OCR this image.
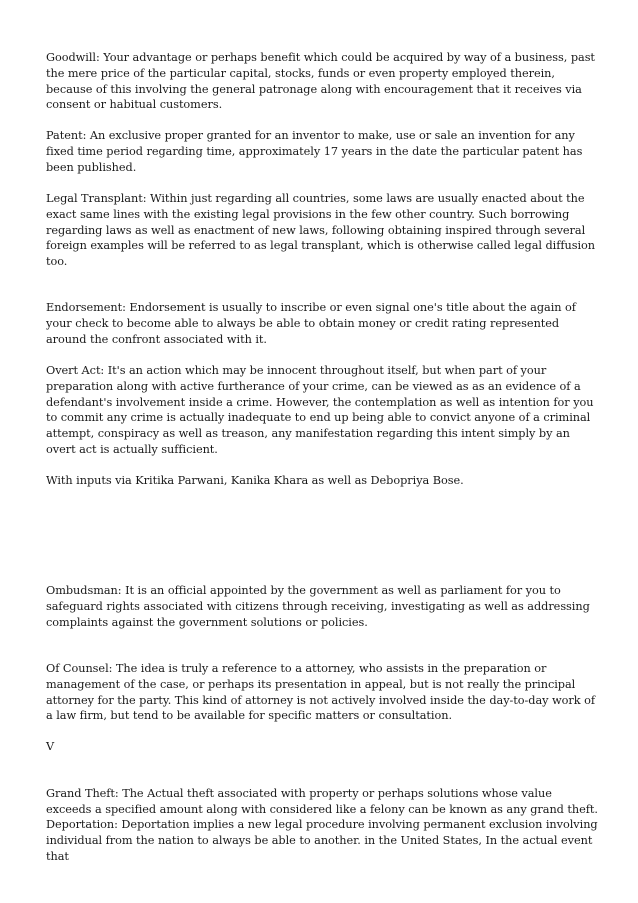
Goodwill: Your advantage or perhaps benefit which could be acquired by way of a business, past the mere price of the particular capital, stocks, funds or even property employed therein, because of this involving the general patronage along with encouragement that it receives via consent or habitual customers.

Patent: An exclusive proper granted for an inventor to make, use or sale an invention for any fixed time period regarding time, approximately 17 years in the date the particular patent has been published.

Legal Transplant: Within just regarding all countries, some laws are usually enacted about the exact same lines with the existing legal provisions in the few other country. Such borrowing regarding laws as well as enactment of new laws, following obtaining inspired through several foreign examples will be referred to as legal transplant, which is otherwise called legal diffusion too.

Endorsement: Endorsement is usually to inscribe or even signal one's title about the again of your check to become able to always be able to obtain money or credit rating represented around the confront associated with it.

Overt Act: It's an action which may be innocent throughout itself, but when part of your preparation along with active furtherance of your crime, can be viewed as as an evidence of a defendant's involvement inside a crime. However, the contemplation as well as intention for you to commit any crime is actually inadequate to end up being able to convict anyone of a criminal attempt, conspiracy as well as treason, any manifestation regarding this intent simply by an overt act is actually sufficient.

With inputs via Kritika Parwani, Kanika Khara as well as Debopriya Bose.

Ombudsman: It is an official appointed by the government as well as parliament for you to safeguard rights associated with citizens through receiving, investigating as well as addressing complaints against the government solutions or policies.

Of Counsel: The idea is truly a reference to a attorney, who assists in the preparation or management of the case, or perhaps its presentation in appeal, but is not really the principal attorney for the party. This kind of attorney is not actively involved inside the day-to-day work of a law firm, but tend to be available for specific matters or consultation.

V

Grand Theft: The Actual theft associated with property or perhaps solutions whose value exceeds a specified amount along with considered like a felony can be known as any grand theft.

Deportation: Deportation implies a new legal procedure involving permanent exclusion involving individual from the nation to always be able to another. in the United States, In the actual event that
